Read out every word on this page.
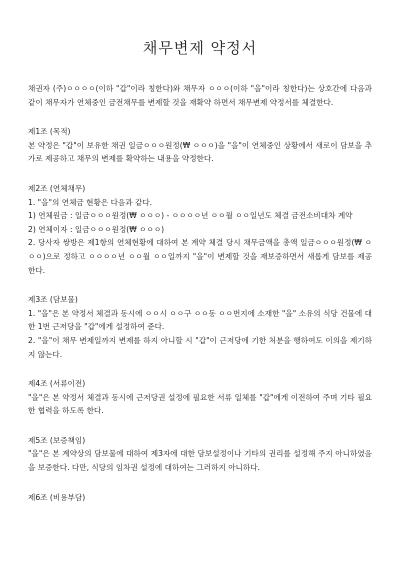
채무변제 약정서

채권자 (주)ㅇㅇㅇㅇ(이하 "갑"이라 칭한다)와 채무자 ㅇㅇㅇ(이하 "을"이라 칭한다)는 상호간에 다음과 같이 채무자가 연체중인 금전채무를 변제할 것을 재확약 하면서 채무변제 약정서를 체결한다.

제1조 (목적)

본 약정은 "갑"이 보유한 채권 일금ㅇㅇㅇ원정(₩ ㅇㅇㅇ)을 "을"이 연체중인 상황에서 새로이 담보을 추가로 제공하고 채무의 변제를 확약하는 내용을 약정한다.

제2조 (연체채무)

1. "을"의 연체금 현황은 다음과 같다.

1) 연체원금 : 일금ㅇㅇㅇ원정(₩ ㅇㅇㅇ) - ㅇㅇㅇㅇ년 ㅇㅇ월 ㅇㅇ일년도 체결 금전소비대차 계약

2) 연체이자 : 일금ㅇㅇㅇ원정(₩ ㅇㅇㅇ)

2. 당사자 쌍방은 제1항의 연체현황에 대하여 본 계약 체결 당시 채무금액을 총액 일금ㅇㅇㅇ원정(₩ ㅇㅇㅇ)으로 정하고 ㅇㅇㅇㅇ년 ㅇㅇ월 ㅇㅇ일까지 "을"이 변제할 것을 재보증하면서 새롭게 담보를 제공한다.

제3조 (담보물)

1. "을"은 본 약정서 체결과 동시에 ㅇㅇ시 ㅇㅇ구 ㅇㅇ동 ㅇㅇ번지에 소재한 "을" 소유의 식당 건물에 대한 1번 근저당을 "갑"에게 설정하여 준다.

2. "을"이 채무 변제일까지 변제를 하지 아니할 시 "갑"이 근저당에 기한 처분을 행하여도 이의을 제기하지 않는다.

제4조 (서류이전)

"을"은 본 약정서 체결과 동시에 근저당권 설정에 필요한 서류 일체를 "갑"에게 이전하여 주며 기타 필요한 협력을 하도록 한다.

제5조 (보증책임)

"을"은 본 계약상의 담보물에 대하여 제3자에 대한 담보설정이나 기타의 권리를 설정해 주지 아니하였음을 보증한다. 다만, 식당의 임차권 설정에 대하여는 그러하지 아니하다.

제6조 (비용부담)
